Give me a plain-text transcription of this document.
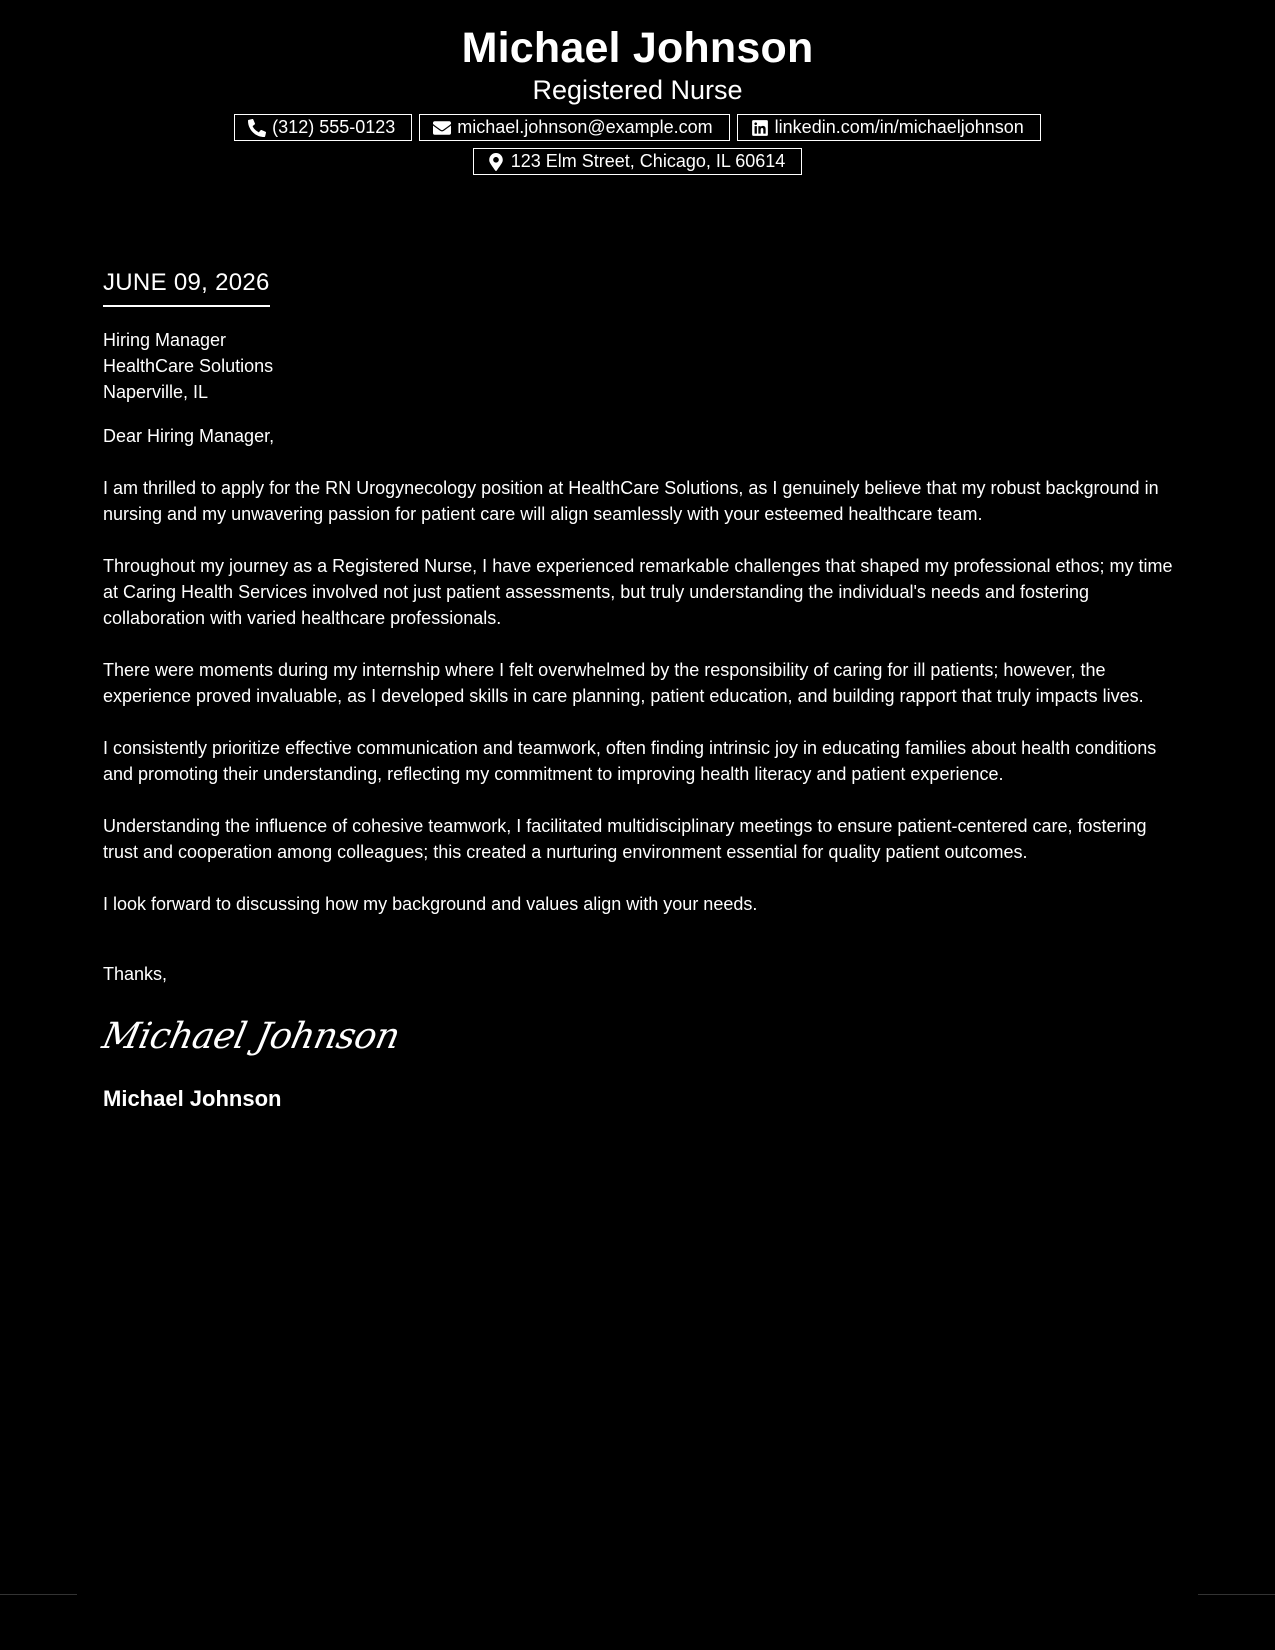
Michael Johnson
Registered Nurse
(312) 555-0123	michael.johnson@example.com	linkedin.com/in/michaeljohnson
123 Elm Street, Chicago, IL 60614
JUNE 09, 2026
Hiring Manager
HealthCare Solutions
Naperville, IL
Dear Hiring Manager,
I am thrilled to apply for the RN Urogynecology position at HealthCare Solutions, as I genuinely believe that my robust background in nursing and my unwavering passion for patient care will align seamlessly with your esteemed healthcare team.
Throughout my journey as a Registered Nurse, I have experienced remarkable challenges that shaped my professional ethos; my time at Caring Health Services involved not just patient assessments, but truly understanding the individual's needs and fostering collaboration with varied healthcare professionals.
There were moments during my internship where I felt overwhelmed by the responsibility of caring for ill patients; however, the experience proved invaluable, as I developed skills in care planning, patient education, and building rapport that truly impacts lives.
I consistently prioritize effective communication and teamwork, often finding intrinsic joy in educating families about health conditions and promoting their understanding, reflecting my commitment to improving health literacy and patient experience.
Understanding the influence of cohesive teamwork, I facilitated multidisciplinary meetings to ensure patient-centered care, fostering trust and cooperation among colleagues; this created a nurturing environment essential for quality patient outcomes.
I look forward to discussing how my background and values align with your needs.
Thanks,
Michael Johnson
Michael Johnson
